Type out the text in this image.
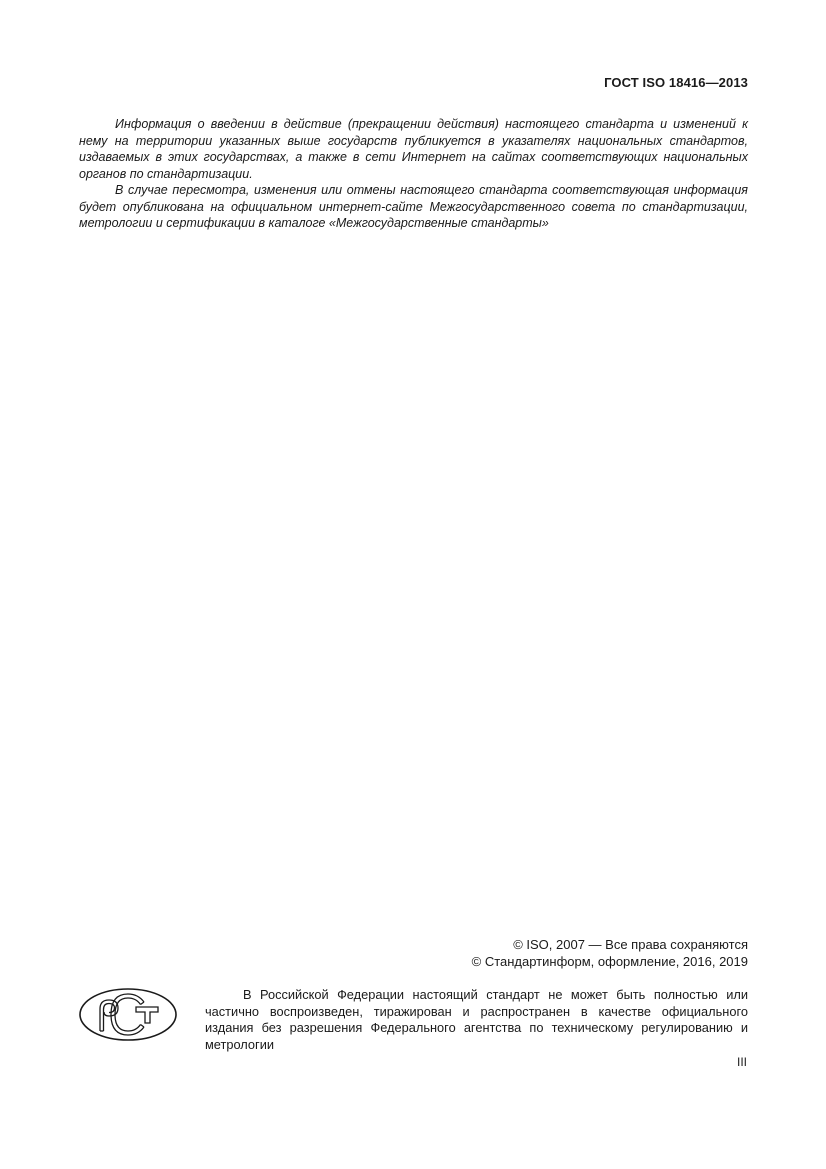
ГОСТ ISO 18416—2013

Информация о введении в действие (прекращении действия) настоящего стандарта и изменений к нему на территории указанных выше государств публикуется в указателях национальных стандартов, издаваемых в этих государствах, а также в сети Интернет на сайтах соответствующих национальных органов по стандартизации.

В случае пересмотра, изменения или отмены настоящего стандарта соответствующая информация будет опубликована на официальном интернет-сайте Межгосударственного совета по стандартизации, метрологии и сертификации в каталоге «Межгосударственные стандарты»

© ISO, 2007 — Все права сохраняются
© Стандартинформ, оформление, 2016, 2019

В Российской Федерации настоящий стандарт не может быть полностью или частично воспроизведен, тиражирован и распространен в качестве официального издания без разрешения Федерального агентства по техническому регулированию и метрологии

III
